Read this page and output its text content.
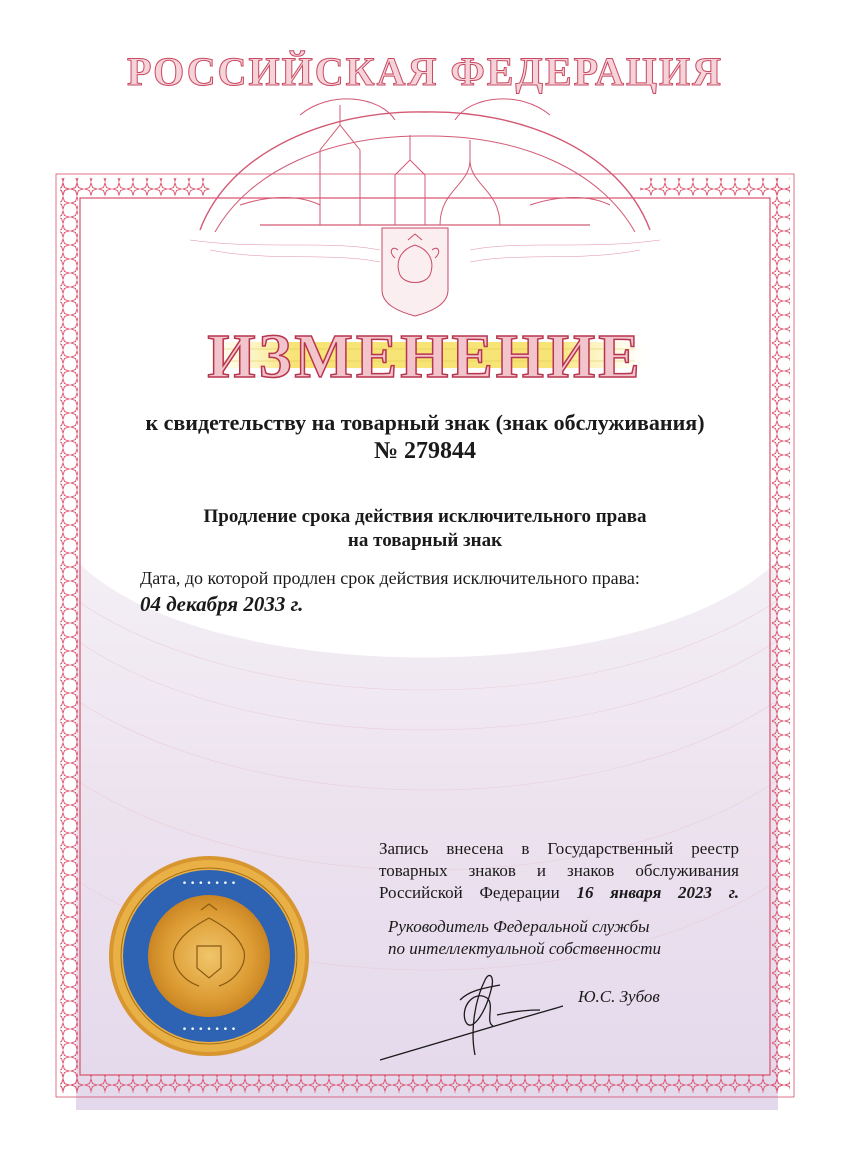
• • • • • • •
• • • • • • •
РОССИЙСКАЯ ФЕДЕРАЦИЯ
ИЗМЕНЕНИЕ
к свидетельству на товарный знак (знак обслуживания)
№ 279844
Продление срока действия исключительного права
на товарный знак
Дата, до которой продлен срок действия исключительного права:
04 декабря 2033 г.
Запись внесена в Государственный реестр
товарных знаков и знаков обслуживания
Российской Федерации 16 января 2023 г.
Руководитель Федеральной службы
по интеллектуальной собственности
Ю.С. Зубов
